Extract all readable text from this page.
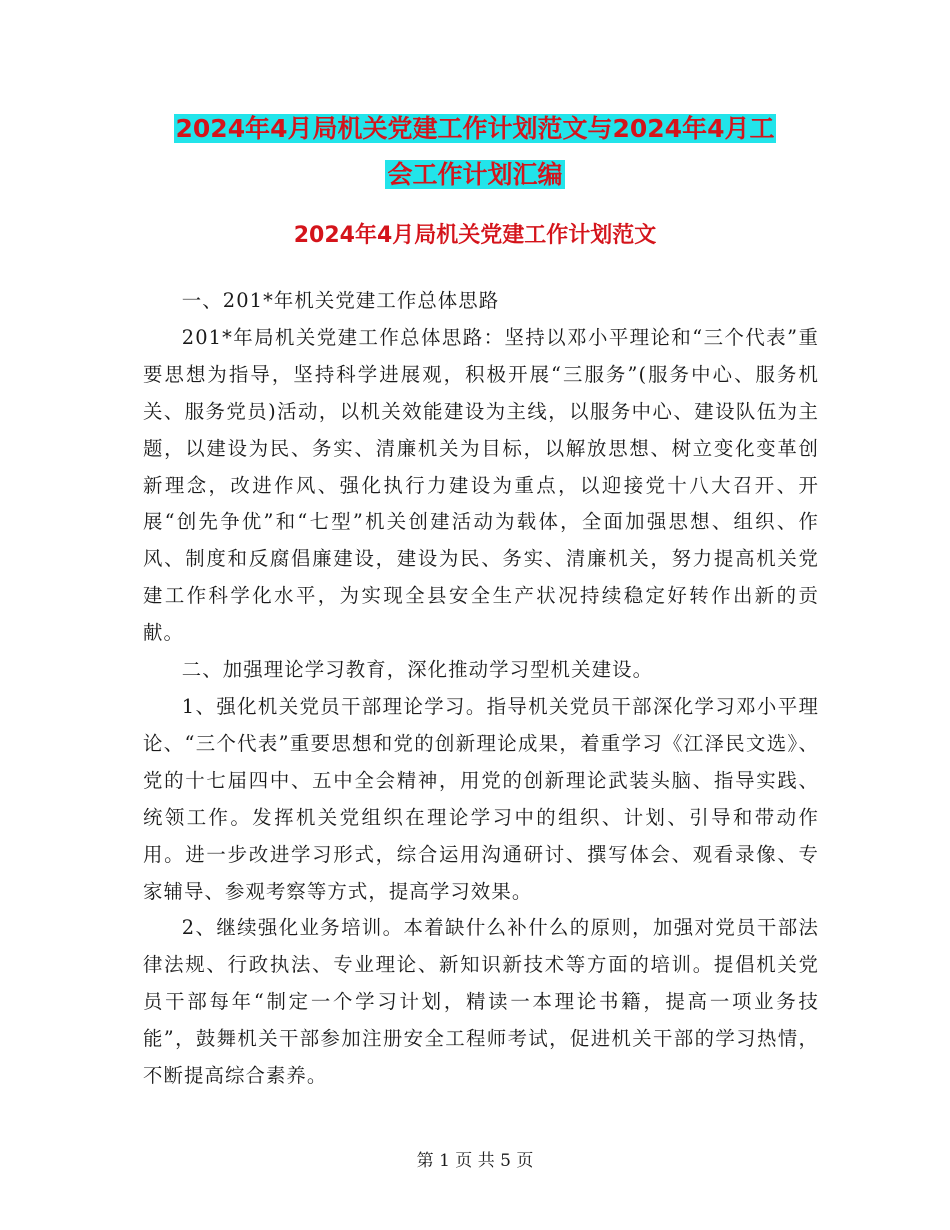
2024年4月局机关党建工作计划范文与2024年4月工
会工作计划汇编
2024年4月局机关党建工作计划范文

一、201*年机关党建工作总体思路

201*年局机关党建工作总体思路：坚持以邓小平理论和“三个代表”重要思想为指导，坚持科学进展观，积极开展“三服务”(服务中心、服务机关、服务党员)活动，以机关效能建设为主线，以服务中心、建设队伍为主题，以建设为民、务实、清廉机关为目标，以解放思想、树立变化变革创新理念，改进作风、强化执行力建设为重点，以迎接党十八大召开、开展“创先争优”和“七型”机关创建活动为载体，全面加强思想、组织、作风、制度和反腐倡廉建设，建设为民、务实、清廉机关，努力提高机关党建工作科学化水平，为实现全县安全生产状况持续稳定好转作出新的贡献。

二、加强理论学习教育，深化推动学习型机关建设。

1、强化机关党员干部理论学习。指导机关党员干部深化学习邓小平理论、“三个代表”重要思想和党的创新理论成果，着重学习《江泽民文选》、党的十七届四中、五中全会精神，用党的创新理论武装头脑、指导实践、统领工作。发挥机关党组织在理论学习中的组织、计划、引导和带动作用。进一步改进学习形式，综合运用沟通研讨、撰写体会、观看录像、专家辅导、参观考察等方式，提高学习效果。

2、继续强化业务培训。本着缺什么补什么的原则，加强对党员干部法律法规、行政执法、专业理论、新知识新技术等方面的培训。提倡机关党员干部每年“制定一个学习计划，精读一本理论书籍，提高一项业务技能”，鼓舞机关干部参加注册安全工程师考试，促进机关干部的学习热情，不断提高综合素养。

第 1 页 共 5 页
